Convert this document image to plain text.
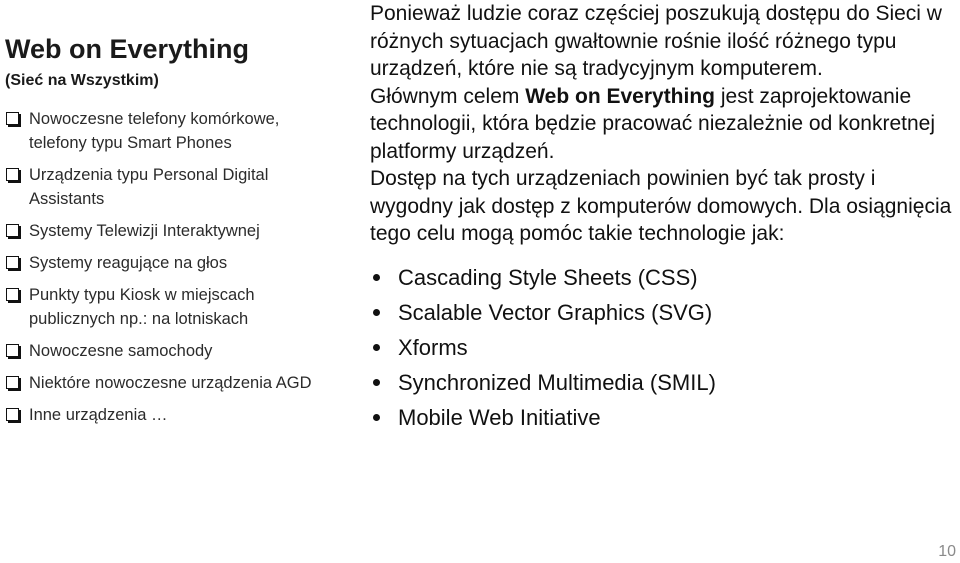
Web on Everything
(Sieć na Wszystkim)
Nowoczesne telefony komórkowe, telefony typu Smart Phones
Urządzenia typu Personal Digital Assistants
Systemy Telewizji Interaktywnej
Systemy reagujące na głos
Punkty typu Kiosk w miejscach publicznych np.: na lotniskach
Nowoczesne samochody
Niektóre nowoczesne urządzenia AGD
Inne urządzenia …

Ponieważ ludzie coraz częściej poszukują dostępu do Sieci w różnych sytuacjach gwałtownie rośnie ilość różnego typu urządzeń, które nie są tradycyjnym komputerem.

Głównym celem Web on Everything jest zaprojektowanie technologii, która będzie pracować niezależnie od konkretnej platformy urządzeń.

Dostęp na tych urządzeniach powinien być tak prosty i wygodny jak dostęp z komputerów domowych. Dla osiągnięcia tego celu mogą pomóc takie technologie jak:

Cascading Style Sheets (CSS)
Scalable Vector Graphics (SVG)
Xforms
Synchronized Multimedia (SMIL)
Mobile Web Initiative
10
